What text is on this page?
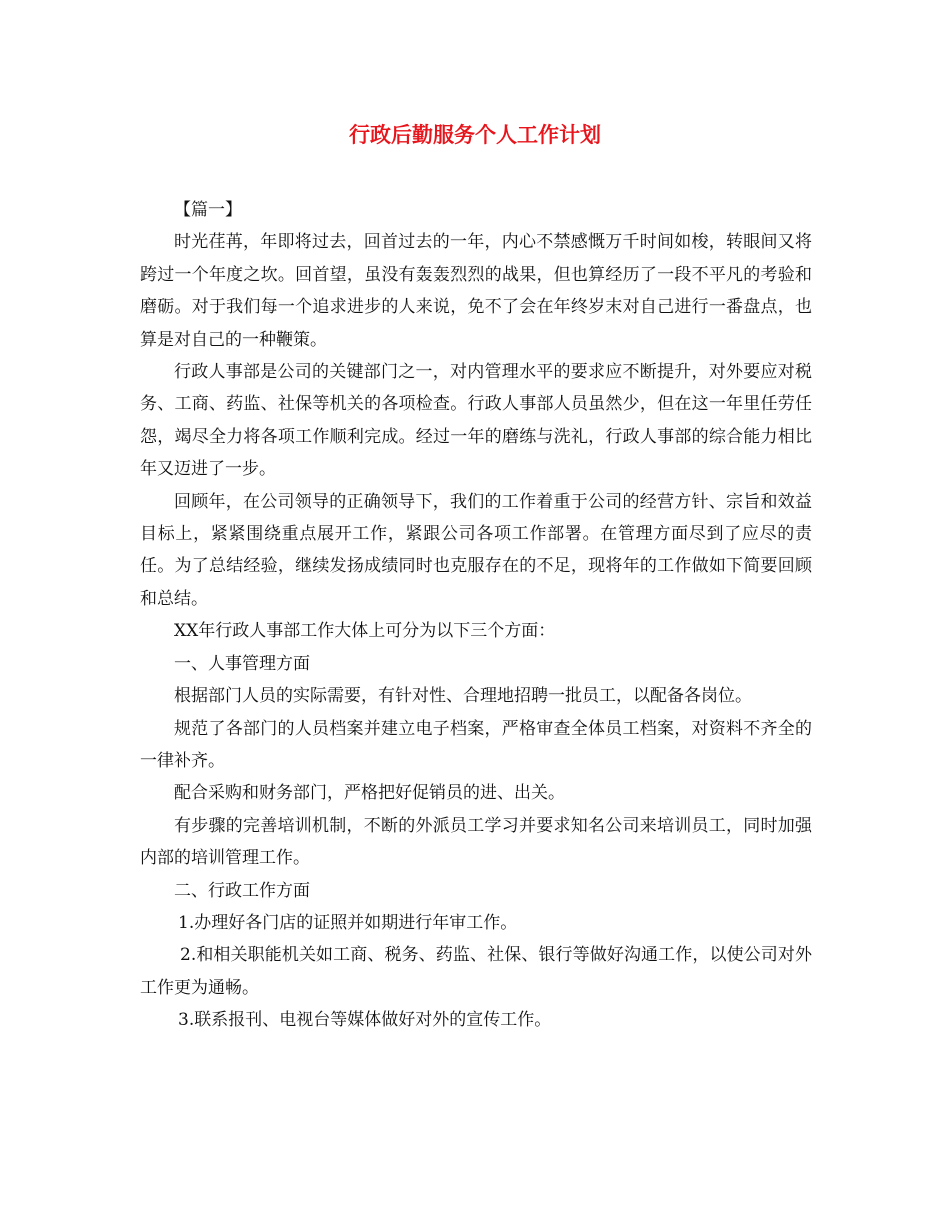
行政后勤服务个人工作计划

【篇一】

时光荏苒，年即将过去，回首过去的一年，内心不禁感慨万千时间如梭，转眼间又将跨过一个年度之坎。回首望，虽没有轰轰烈烈的战果，但也算经历了一段不平凡的考验和磨砺。对于我们每一个追求进步的人来说，免不了会在年终岁末对自己进行一番盘点，也算是对自己的一种鞭策。

行政人事部是公司的关键部门之一，对内管理水平的要求应不断提升，对外要应对税务、工商、药监、社保等机关的各项检查。行政人事部人员虽然少，但在这一年里任劳任怨，竭尽全力将各项工作顺利完成。经过一年的磨练与洗礼，行政人事部的综合能力相比年又迈进了一步。

回顾年，在公司领导的正确领导下，我们的工作着重于公司的经营方针、宗旨和效益目标上，紧紧围绕重点展开工作，紧跟公司各项工作部署。在管理方面尽到了应尽的责任。为了总结经验，继续发扬成绩同时也克服存在的不足，现将年的工作做如下简要回顾和总结。

XX年行政人事部工作大体上可分为以下三个方面：

一、人事管理方面

根据部门人员的实际需要，有针对性、合理地招聘一批员工，以配备各岗位。

规范了各部门的人员档案并建立电子档案，严格审查全体员工档案，对资料不齐全的一律补齐。

配合采购和财务部门，严格把好促销员的进、出关。

有步骤的完善培训机制，不断的外派员工学习并要求知名公司来培训员工，同时加强内部的培训管理工作。

二、行政工作方面

1.办理好各门店的证照并如期进行年审工作。

2.和相关职能机关如工商、税务、药监、社保、银行等做好沟通工作，以使公司对外工作更为通畅。

3.联系报刊、电视台等媒体做好对外的宣传工作。
